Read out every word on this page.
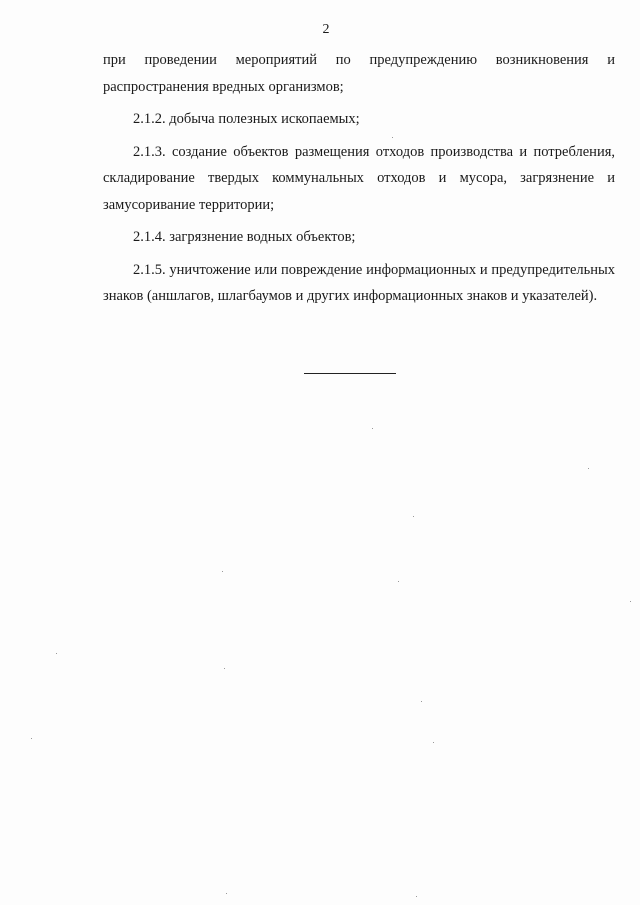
2

при проведении мероприятий по предупреждению возникновения и распространения вредных организмов;

2.1.2. добыча полезных ископаемых;

2.1.3. создание объектов размещения отходов производства и потребления, складирование твердых коммунальных отходов и мусора, загрязнение и замусоривание территории;

2.1.4. загрязнение водных объектов;

2.1.5. уничтожение или повреждение информационных и предупредительных знаков (аншлагов, шлагбаумов и других информационных знаков и указателей).
